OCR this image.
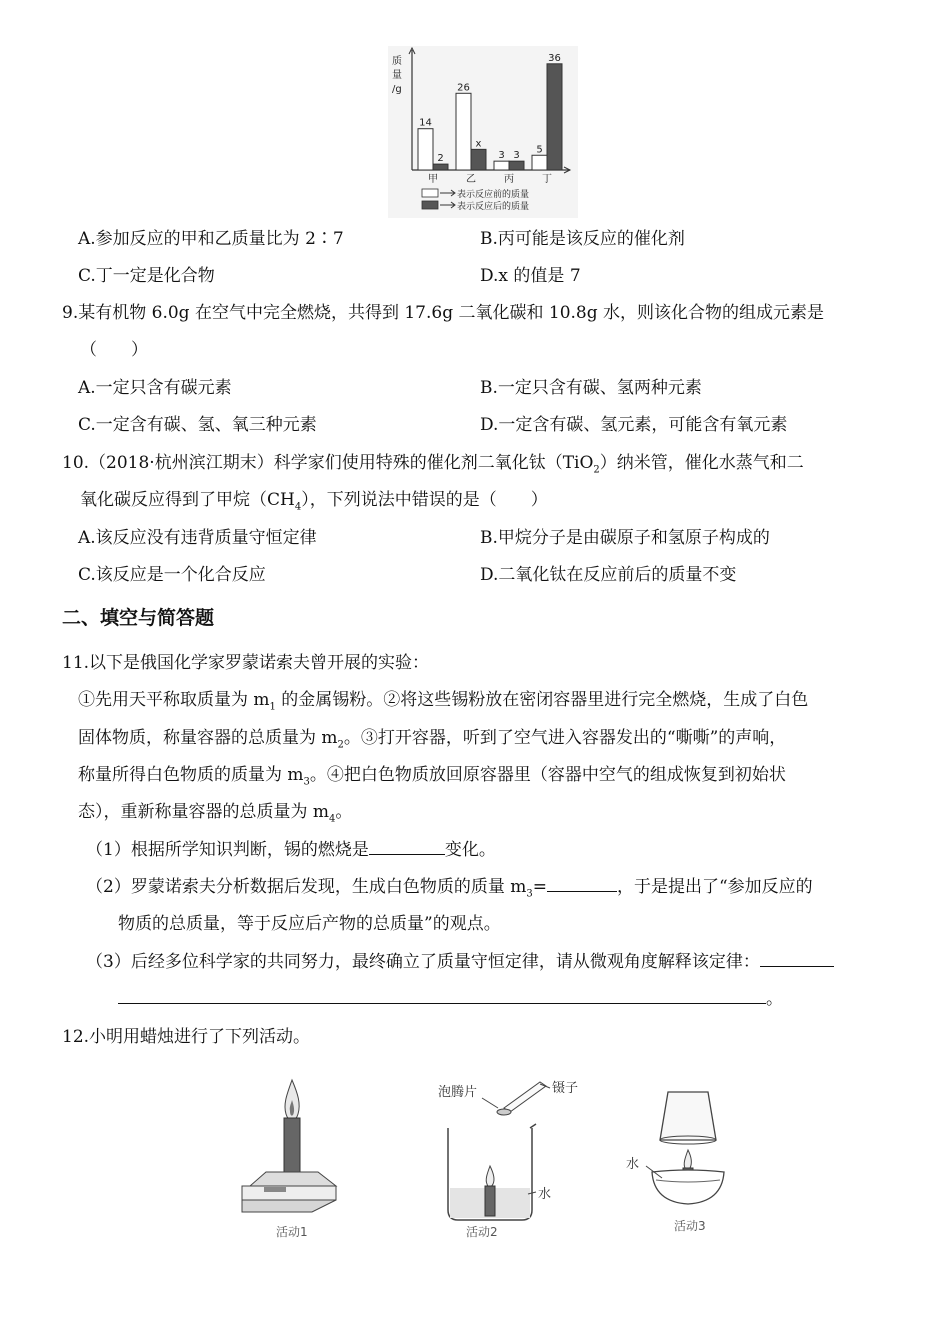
质
量
/g
14
2
甲
26
x
乙
3 3
丙
5
36
丁
表示反应前的质量
表示反应后的质量
A.参加反应的甲和乙质量比为 2∶7	B.丙可能是该反应的催化剂
C.丁一定是化合物	D.x 的值是 7
9.某有机物 6.0g 在空气中完全燃烧，共得到 17.6g 二氧化碳和 10.8g 水，则该化合物的组成元素是
（　　）
A.一定只含有碳元素	B.一定只含有碳、氢两种元素
C.一定含有碳、氢、氧三种元素	D.一定含有碳、氢元素，可能含有氧元素
10.（2018·杭州滨江期末）科学家们使用特殊的催化剂二氧化钛（TiO$_2$）纳米管，催化水蒸气和二
氧化碳反应得到了甲烷$(CH_4)$，下列说法中错误的是（　　）
A.该反应没有违背质量守恒定律	B.甲烷分子是由碳原子和氢原子构成的
C.该反应是一个化合反应	D.二氧化钛在反应前后的质量不变
二、填空与简答题
11.以下是俄国化学家罗蒙诺索夫曾开展的实验：
①先用天平称取质量为 $m_1$ 的金属锡粉。②将这些锡粉放在密闭容器里进行完全燃烧，生成了白色
固体物质，称量容器的总质量为 $m_2$。③打开容器，听到了空气进入容器发出的“嘶嘶”的声响，
称量所得白色物质的质量为 $m_3$。④把白色物质放回原容器里（容器中空气的组成恢复到初始状
态），重新称量容器的总质量为 $m_4$。
（1）根据所学知识判断，锡的燃烧是	变化。
（2）罗蒙诺索夫分析数据后发现，生成白色物质的质量 $m_3=$	，于是提出了“参加反应的
物质的总质量，等于反应后产物的总质量”的观点。
（3）后经多位科学家的共同努力，最终确立了质量守恒定律，请从微观角度解释该定律：
。
12.小明用蜡烛进行了下列活动。
活动1
泡腾片	镊子
水
活动2
水
活动3
